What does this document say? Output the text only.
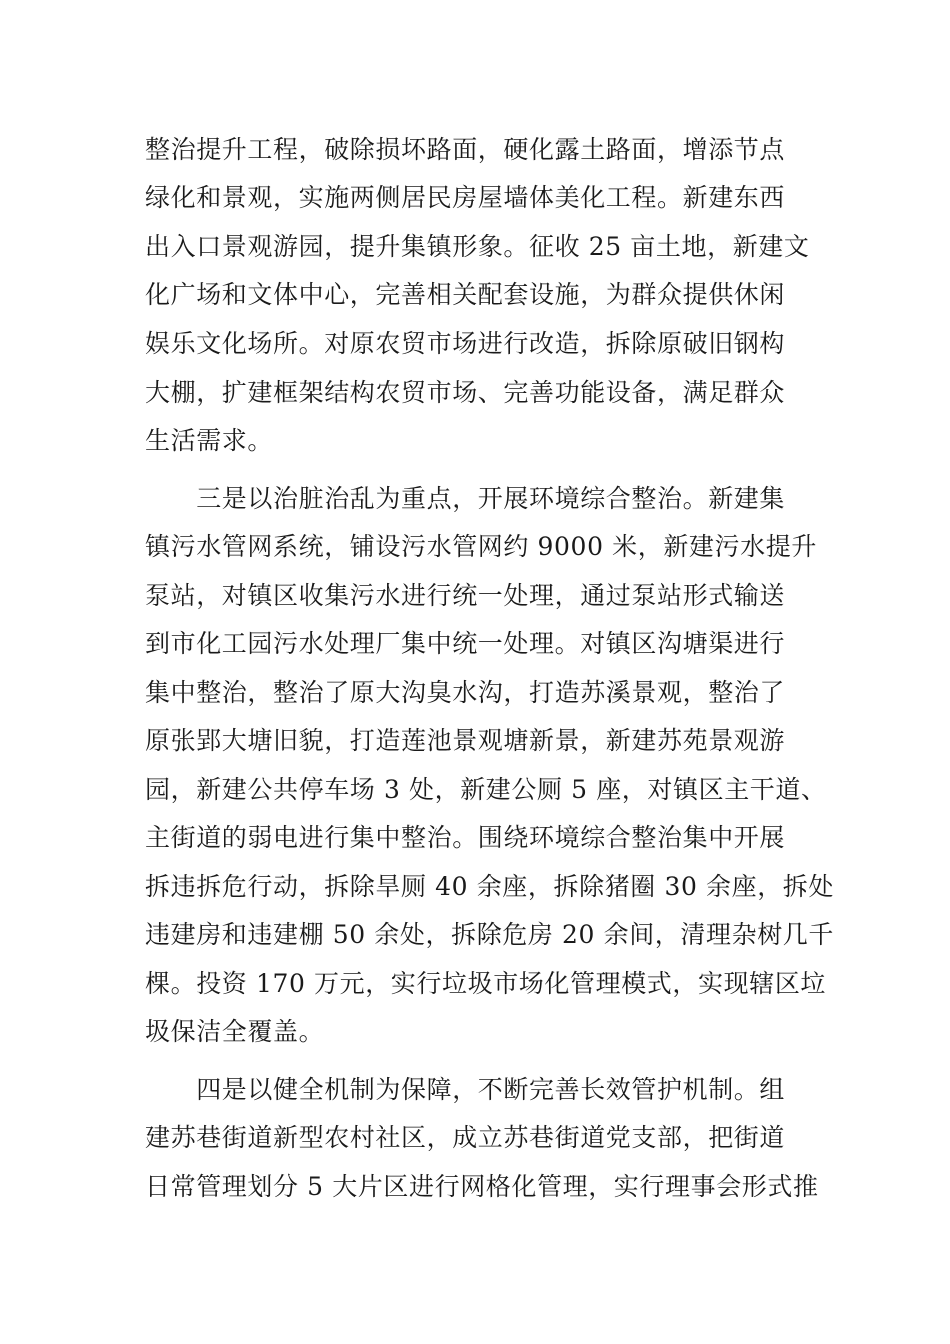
整治提升工程，破除损坏路面，硬化露土路面，增添节点
绿化和景观，实施两侧居民房屋墙体美化工程。新建东西
出入口景观游园，提升集镇形象。征收 25 亩土地，新建文
化广场和文体中心，完善相关配套设施，为群众提供休闲
娱乐文化场所。对原农贸市场进行改造，拆除原破旧钢构
大棚，扩建框架结构农贸市场、完善功能设备，满足群众
生活需求。
　　三是以治脏治乱为重点，开展环境综合整治。新建集
镇污水管网系统，铺设污水管网约 9000 米，新建污水提升
泵站，对镇区收集污水进行统一处理，通过泵站形式输送
到市化工园污水处理厂集中统一处理。对镇区沟塘渠进行
集中整治，整治了原大沟臭水沟，打造苏溪景观，整治了
原张郢大塘旧貌，打造莲池景观塘新景，新建苏苑景观游
园，新建公共停车场 3 处，新建公厕 5 座，对镇区主干道、
主街道的弱电进行集中整治。围绕环境综合整治集中开展
拆违拆危行动，拆除旱厕 40 余座，拆除猪圈 30 余座，拆处
违建房和违建棚 50 余处，拆除危房 20 余间，清理杂树几千
棵。投资 170 万元，实行垃圾市场化管理模式，实现辖区垃
圾保洁全覆盖。
　　四是以健全机制为保障，不断完善长效管护机制。组
建苏巷街道新型农村社区，成立苏巷街道党支部，把街道
日常管理划分 5 大片区进行网格化管理，实行理事会形式推
